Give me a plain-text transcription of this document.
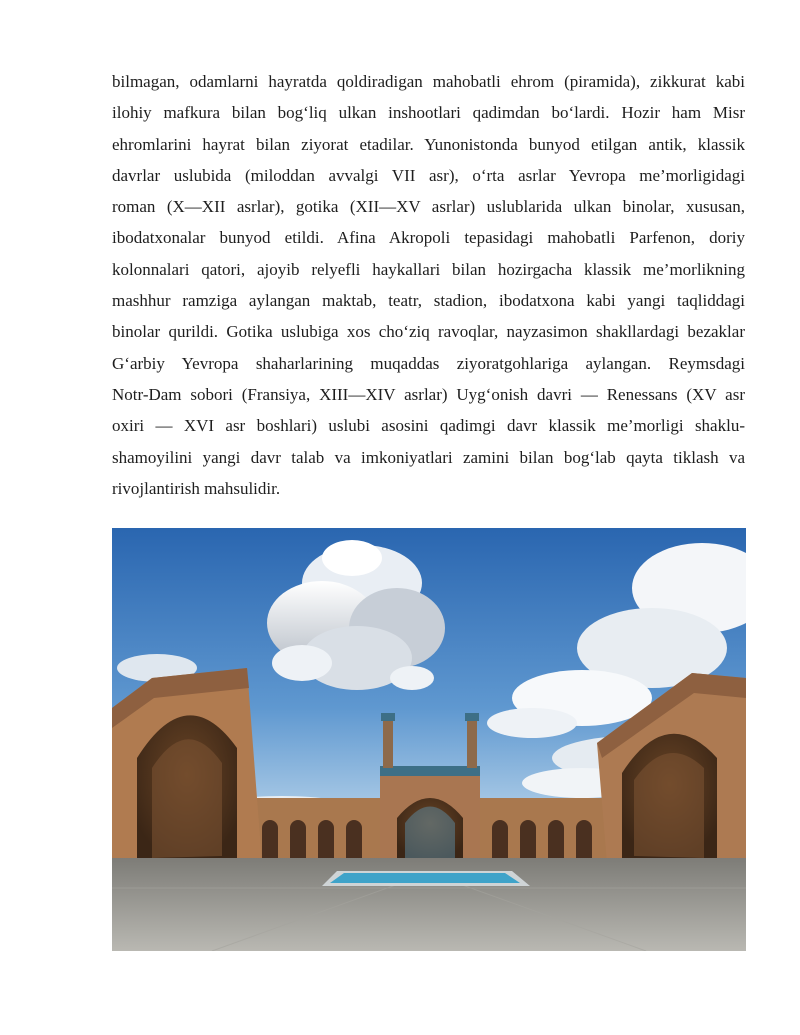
bilmagan, odamlarni hayratda qoldiradigan mahobatli ehrom (piramida), zikkurat kabi
ilohiy mafkura bilan bog‘liq ulkan inshootlari qadimdan bo‘lardi. Hozir ham Misr
ehromlarini hayrat bilan ziyorat etadilar. Yunonistonda bunyod etilgan antik, klassik
davrlar uslubida (miloddan avvalgi VII asr), o‘rta asrlar Yevropa me’morligidagi
roman (X—XII asrlar), gotika (XII—XV asrlar) uslublarida ulkan binolar, xususan,
ibodatxonalar bunyod etildi. Afina Akropoli tepasidagi mahobatli Parfenon, doriy
kolonnalari qatori, ajoyib relyefli haykallari bilan hozirgacha klassik me’morlikning
mashhur ramziga aylangan maktab, teatr, stadion, ibodatxona kabi yangi taqliddagi
binolar qurildi. Gotika uslubiga xos cho‘ziq ravoqlar, nayzasimon shakllardagi bezaklar
G‘arbiy Yevropa shaharlarining muqaddas ziyoratgohlariga aylangan. Reymsdagi
Notr-Dam sobori (Fransiya, XIII—XIV asrlar) Uyg‘onish davri — Renessans (XV asr
oxiri — XVI asr boshlari) uslubi asosini qadimgi davr klassik me’morligi shaklu-
shamoyilini yangi davr talab va imkoniyatlari zamini bilan bog‘lab qayta tiklash va
rivojlantirish mahsulidir.
